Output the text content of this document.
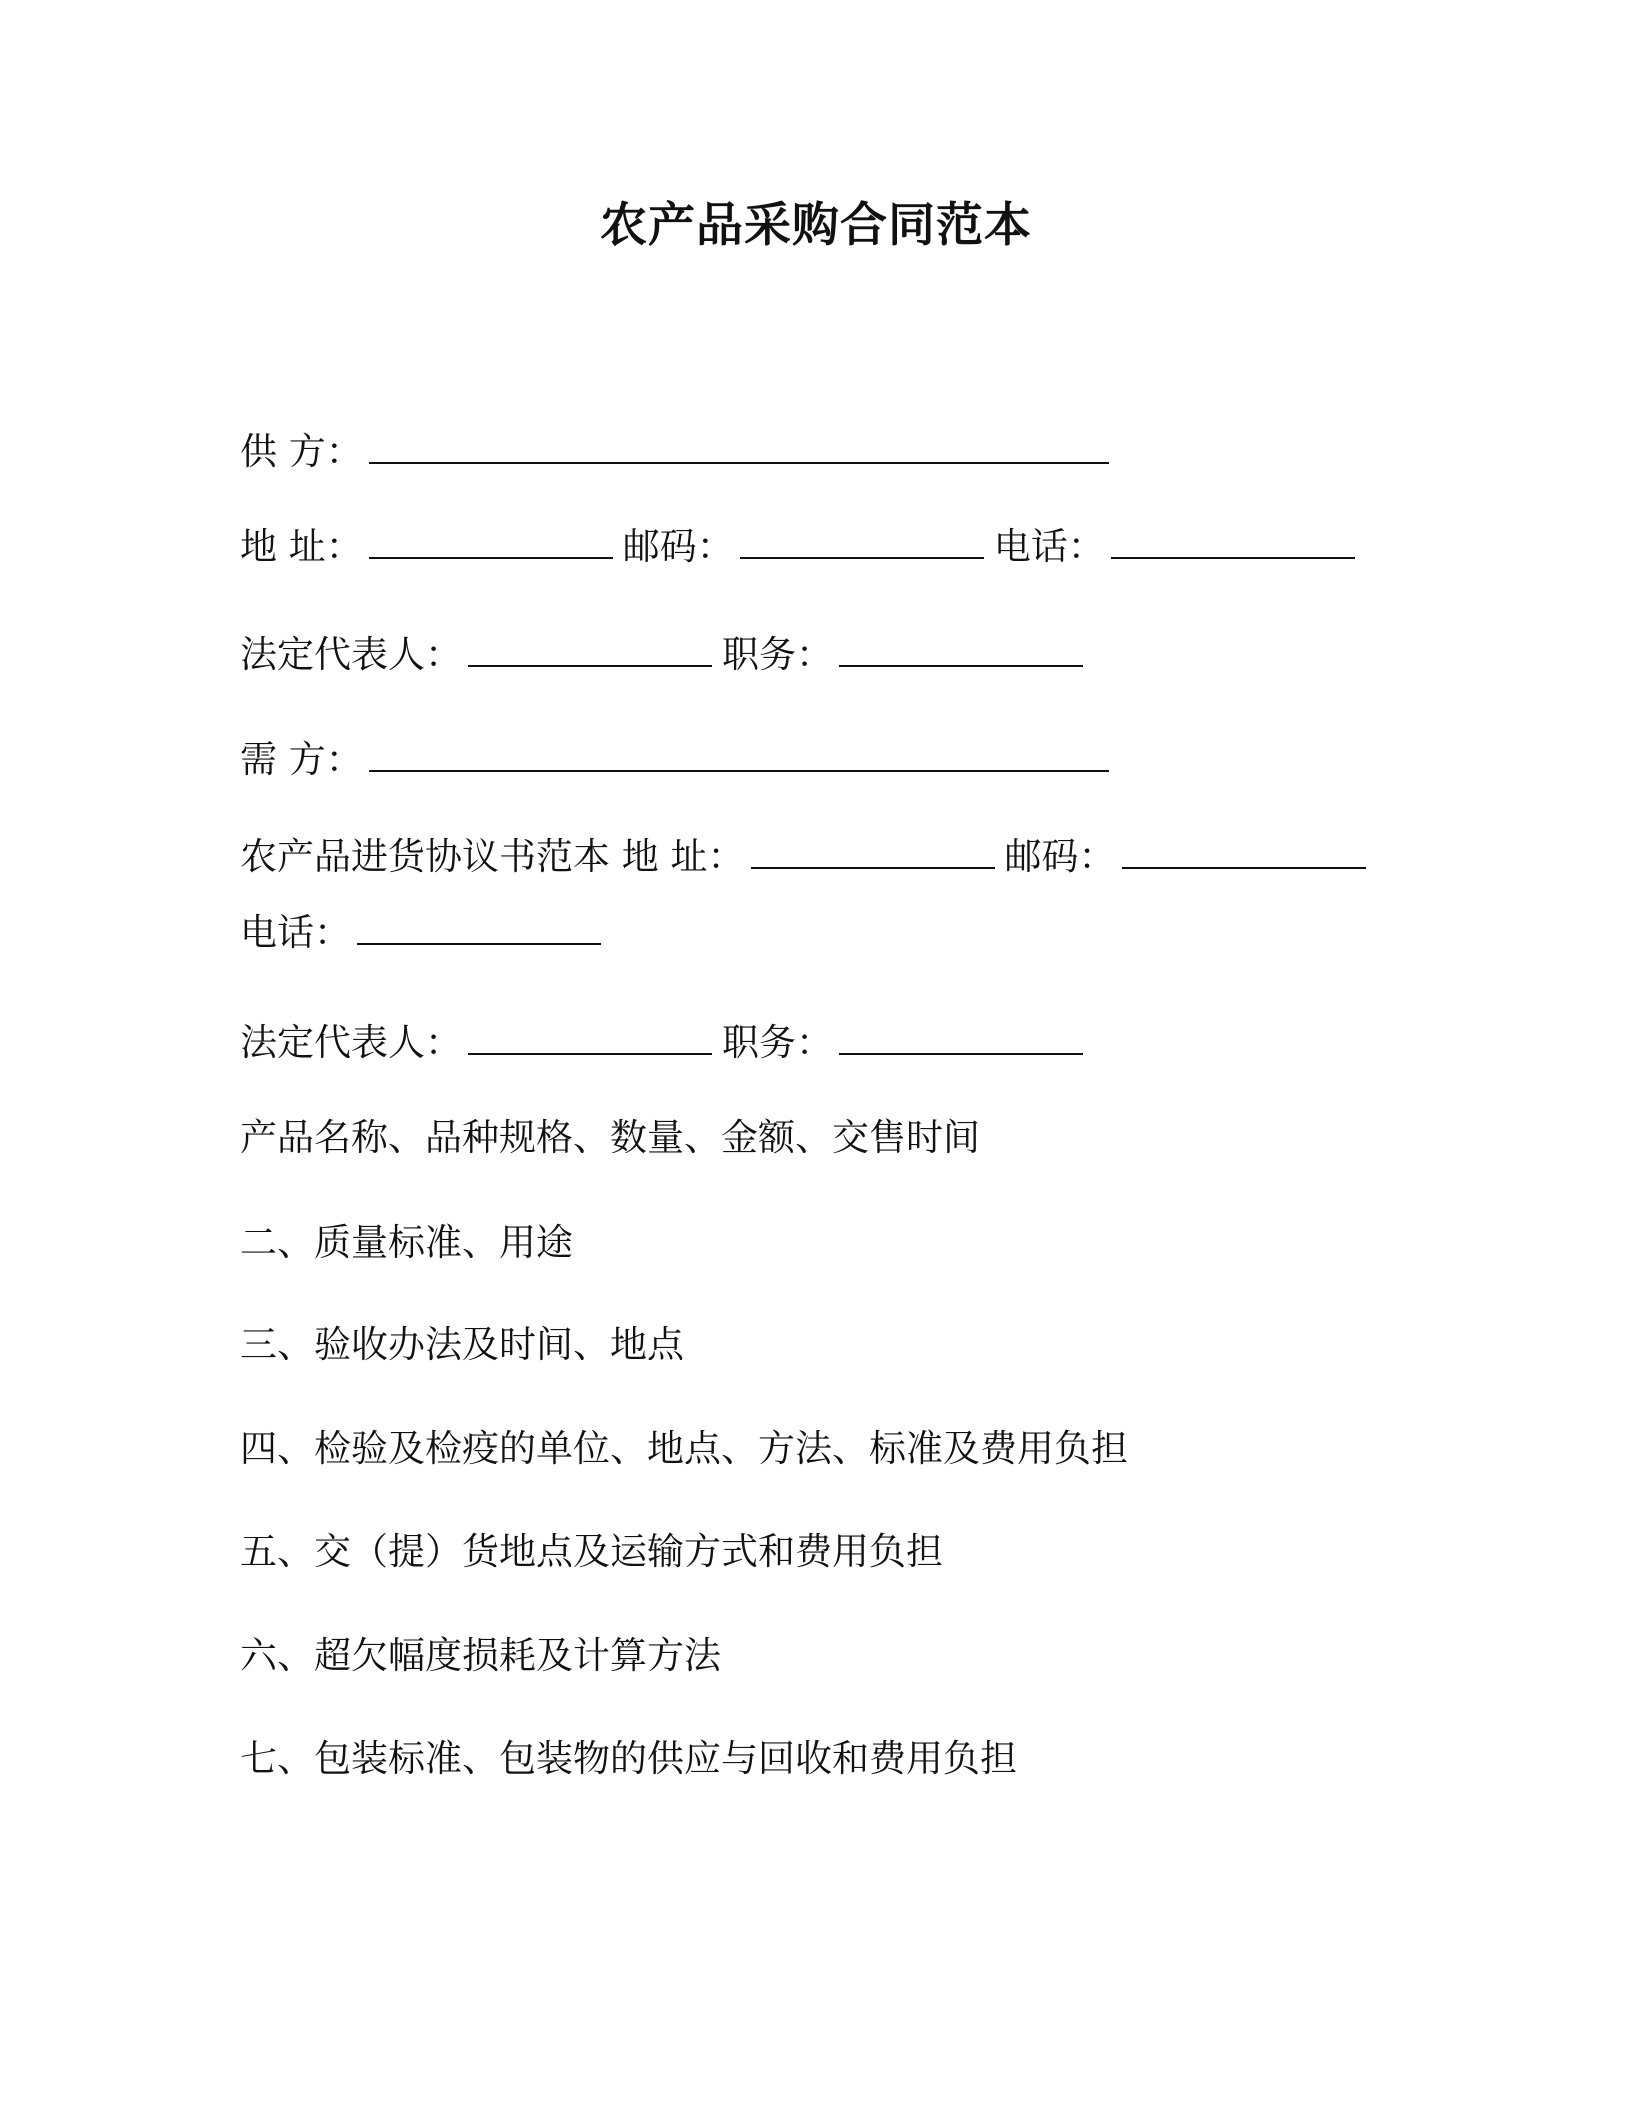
农产品采购合同范本
供 方：
地 址：	邮码：	电话：
法定代表人：	职务：
需 方：
农产品进货协议书范本 地 址：	邮码：
电话：
法定代表人：	职务：
产品名称、品种规格、数量、金额、交售时间
二、质量标准、用途
三、验收办法及时间、地点
四、检验及检疫的单位、地点、方法、标准及费用负担
五、交（提）货地点及运输方式和费用负担
六、超欠幅度损耗及计算方法
七、包装标准、包装物的供应与回收和费用负担
